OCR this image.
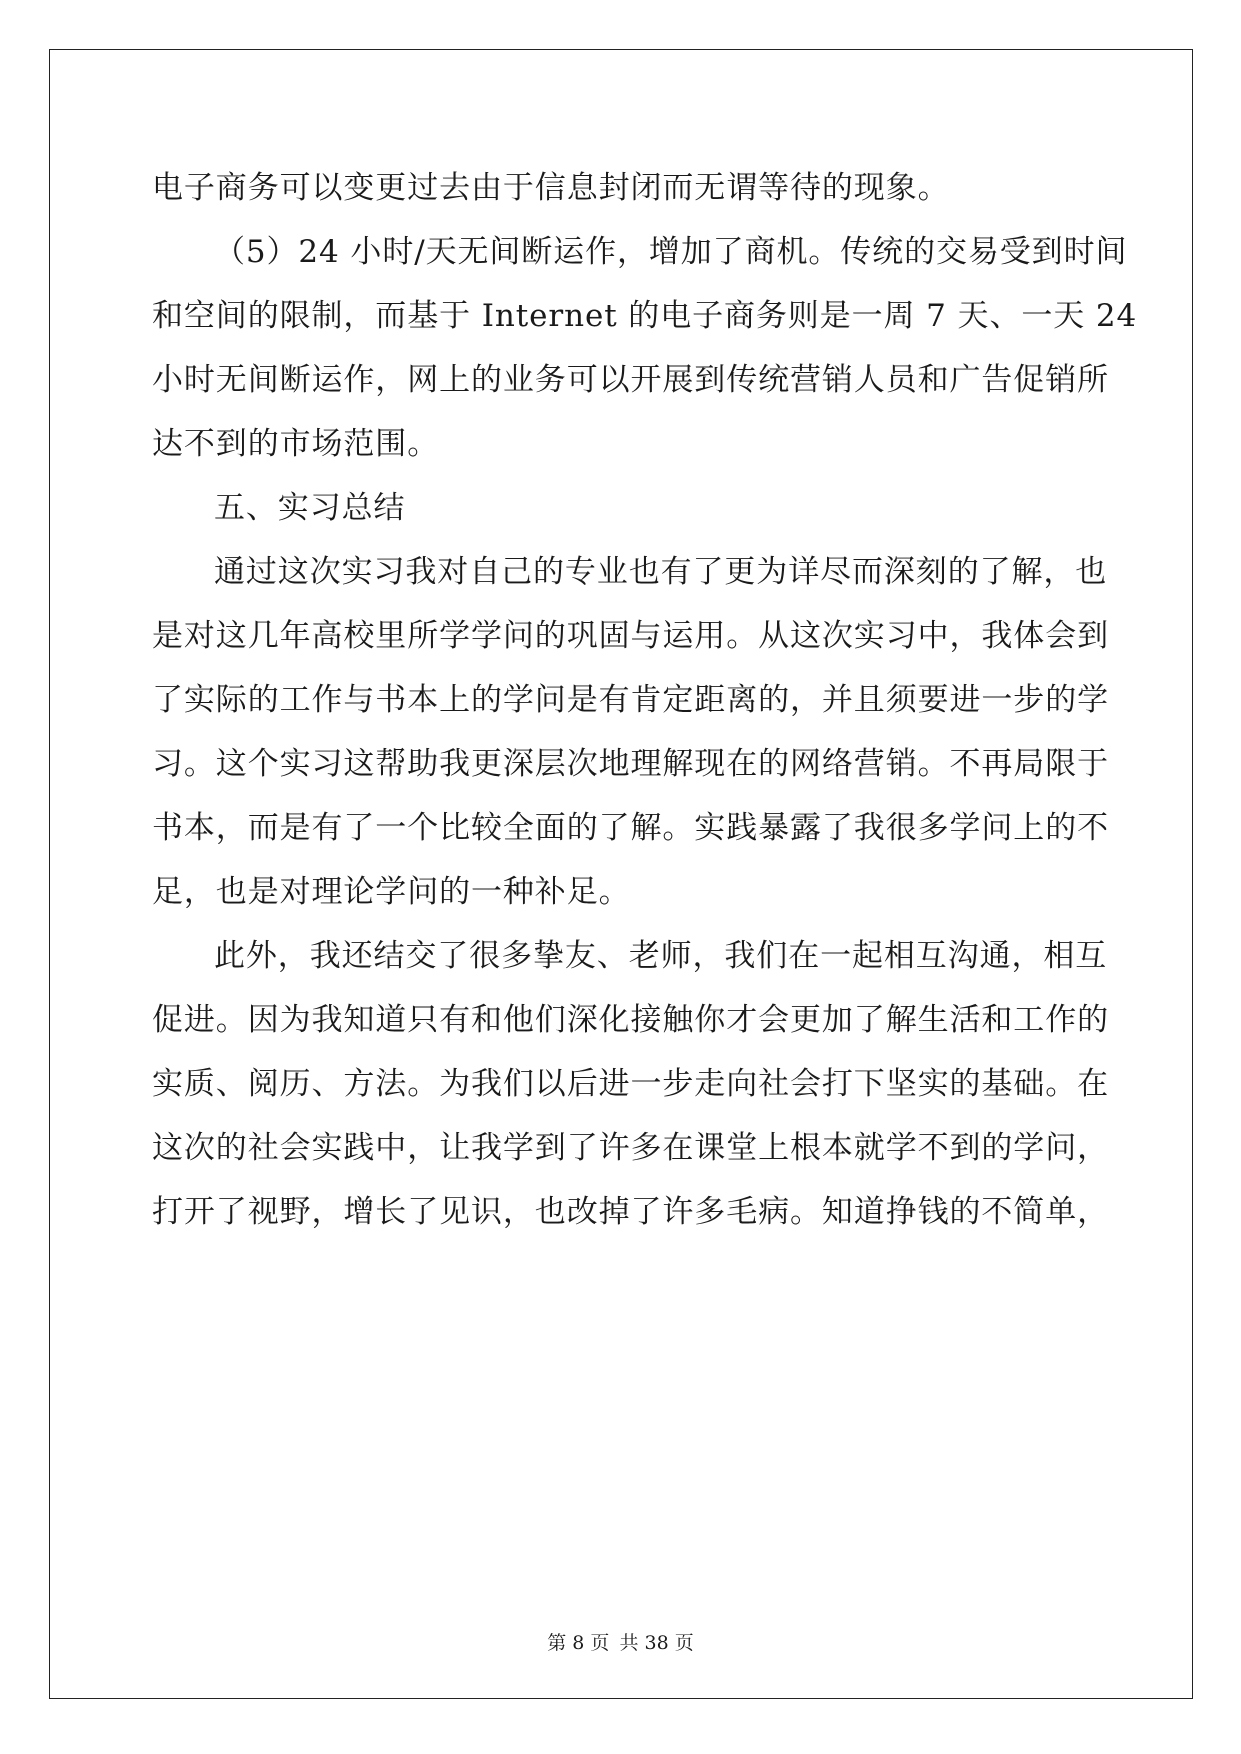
电子商务可以变更过去由于信息封闭而无谓等待的现象。
（5）24 小时/天无间断运作，增加了商机。传统的交易受到时间
和空间的限制，而基于 Internet 的电子商务则是一周 7 天、一天 24
小时无间断运作，网上的业务可以开展到传统营销人员和广告促销所
达不到的市场范围。
五、实习总结
通过这次实习我对自己的专业也有了更为详尽而深刻的了解，也
是对这几年高校里所学学问的巩固与运用。从这次实习中，我体会到
了实际的工作与书本上的学问是有肯定距离的，并且须要进一步的学
习。这个实习这帮助我更深层次地理解现在的网络营销。不再局限于
书本，而是有了一个比较全面的了解。实践暴露了我很多学问上的不
足，也是对理论学问的一种补足。
此外，我还结交了很多挚友、老师，我们在一起相互沟通，相互
促进。因为我知道只有和他们深化接触你才会更加了解生活和工作的
实质、阅历、方法。为我们以后进一步走向社会打下坚实的基础。在
这次的社会实践中，让我学到了许多在课堂上根本就学不到的学问，
打开了视野，增长了见识，也改掉了许多毛病。知道挣钱的不简单，
第 8 页 共 38 页
